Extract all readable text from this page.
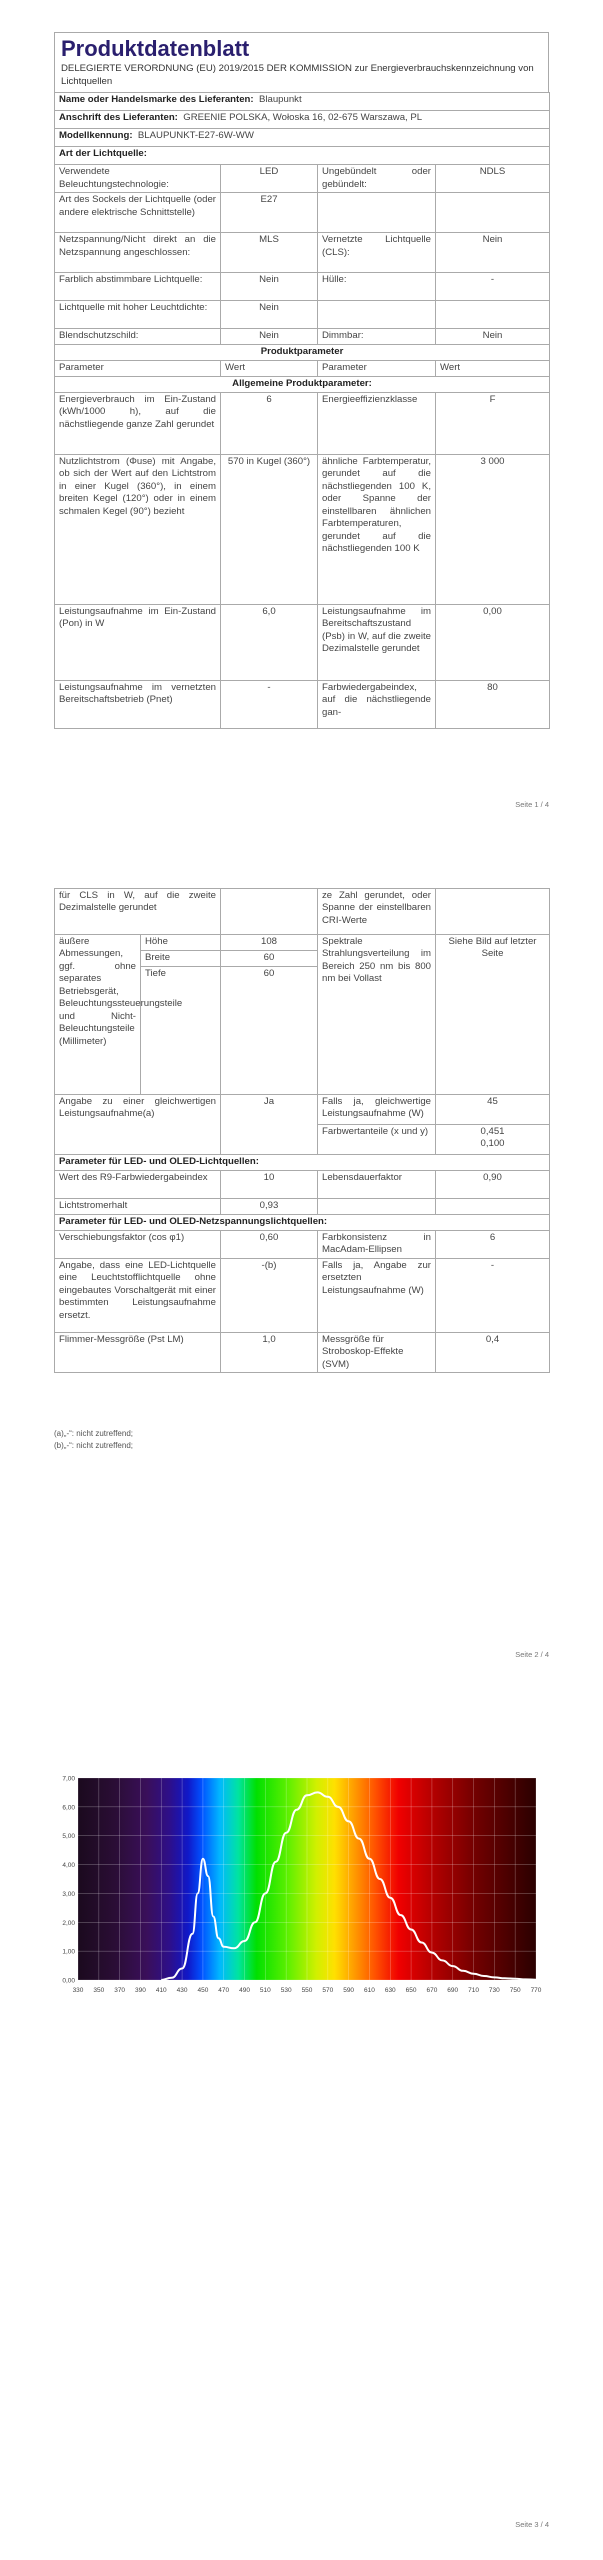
Produktdatenblatt
DELEGIERTE VERORDNUNG (EU) 2019/2015 DER KOMMISSION zur Energieverbrauchskennzeichnung von Lichtquellen
Name oder Handelsmarke des Lieferanten: Blaupunkt			
Anschrift des Lieferanten: GREENIE POLSKA, Wołoska 16, 02-675 Warszawa, PL			
Modellkennung: BLAUPUNKT-E27-6W-WW			
Art der Lichtquelle:			
Verwendete Beleuchtungstechnologie:	LED	Ungebündelt oder gebündelt:	NDLS
Art des Sockels der Lichtquelle (oder andere elektrische Schnittstelle)	E27		
Netzspannung/Nicht direkt an die Netzspannung angeschlossen:	MLS	Vernetzte Lichtquelle (CLS):	Nein
Farblich abstimmbare Lichtquelle:	Nein	Hülle:	-
Lichtquelle mit hoher Leuchtdichte:	Nein		
Blendschutzschild:	Nein	Dimmbar:	Nein
Produktparameter			
Parameter	Wert	Parameter	Wert
Allgemeine Produktparameter:			
Energieverbrauch im Ein-Zustand (kWh/1000 h), auf die nächstliegende ganze Zahl gerundet	6	Energieeffizienzklasse	F
Nutzlichtstrom (Φuse) mit Angabe, ob sich der Wert auf den Lichtstrom in einer Kugel (360°), in einem breiten Kegel (120°) oder in einem schmalen Kegel (90°) bezieht	570 in Kugel (360°)	ähnliche Farbtemperatur, gerundet auf die nächstliegenden 100 K, oder Spanne der einstellbaren ähnlichen Farbtemperaturen, gerundet auf die nächstliegenden 100 K	3 000
Leistungsaufnahme im Ein-Zustand (Pon) in W	6,0	Leistungsaufnahme im Bereitschaftszustand (Psb) in W, auf die zweite Dezimalstelle gerundet	0,00
Leistungsaufnahme im vernetzten Bereitschaftsbetrieb (Pnet)	-	Farbwiedergabeindex, auf die nächstliegende gan-	80
Seite 1 / 4
für CLS in W, auf die zweite Dezimalstelle gerundet			ze Zahl gerundet, oder Spanne der einstellbaren CRI-Werte	
äußere Abmessungen, ggf. ohne separates Betriebsgerät, Beleuchtungssteuerungsteile und Nicht-Beleuchtungsteile (Millimeter)	Höhe	108	Spektrale Strahlungsverteilung im Bereich 250 nm bis 800 nm bei Vollast	Siehe Bild auf letzter Seite
	Breite	60		
	Tiefe	60		
Angabe zu einer gleichwertigen Leistungsaufnahme(a)		Ja	Falls ja, gleichwertige Leistungsaufnahme (W)	45
			Farbwertanteile (x und y)	0,451
0,100
Parameter für LED- und OLED-Lichtquellen:				
Wert des R9-Farbwiedergabeindex		10	Lebensdauerfaktor	0,90
Lichtstromerhalt		0,93		
Parameter für LED- und OLED-Netzspannungslichtquellen:				
Verschiebungsfaktor (cos φ1)		0,60	Farbkonsistenz in MacAdam-Ellipsen	6
Angabe, dass eine LED-Lichtquelle eine Leuchtstofflichtquelle ohne eingebautes Vorschaltgerät mit einer bestimmten Leistungsaufnahme ersetzt.		-(b)	Falls ja, Angabe zur ersetzten Leistungsaufnahme (W)	-
Flimmer-Messgröße (Pst LM)		1,0	Messgröße für Stroboskop-Effekte (SVM)	0,4
(a)„-“: nicht zutreffend;
(b)„-“: nicht zutreffend;
Seite 2 / 4
0,00
1,00
2,00
3,00
4,00
5,00
6,00
7,00
330 350 370 390 410 430 450 470 490 510 530 550 570 590 610 630 650 670 690 710 730 750 770
Seite 3 / 4
